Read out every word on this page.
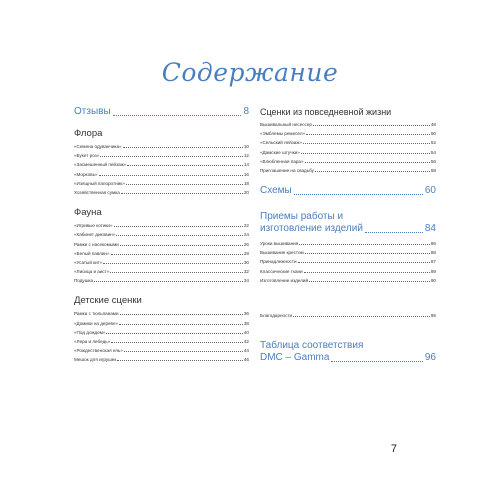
Содержание
Отзывы	8
Флора
«Семена одуванчика»	10
«Букет роз»	12
«Засмешенный пейзаж»	14
«Морковь»	16
«Изящный папоротник»	18
Хозяйственная сумка	20
Фауна
«Игривые котики»	22
«Кабинет диковин»	24
Рамки с насекомыми	26
«Белый павлин»	28
«Усатый кит»	30
«Лисица и аист»	32
Подушка	34
Детские сценки
Рамка с тюльпанами	36
«Домики на дереве»	38
«Под дождем»	40
«Лера и лебедь»	42
«Рождественская ель»	44
Мешок для игрушек	46
Сценки из повседневной жизни
Вышивальный несессер	48
«Эмблемы ремесел»	50
«Сельский пейзаж»	52
«Дамские штучки»	54
«Влюбленная пара»	56
Приглашение на свадьбу	58
Схемы	60
Приемы работы и
изготовление изделий	84
Уроки вышивания	86
Вышивание крестом	88
Принадлежности	87
Классические ткани	89
Изготовление изделий	90
Благодарности	95
Таблица соответствия
DMC – Gamma	96
7
